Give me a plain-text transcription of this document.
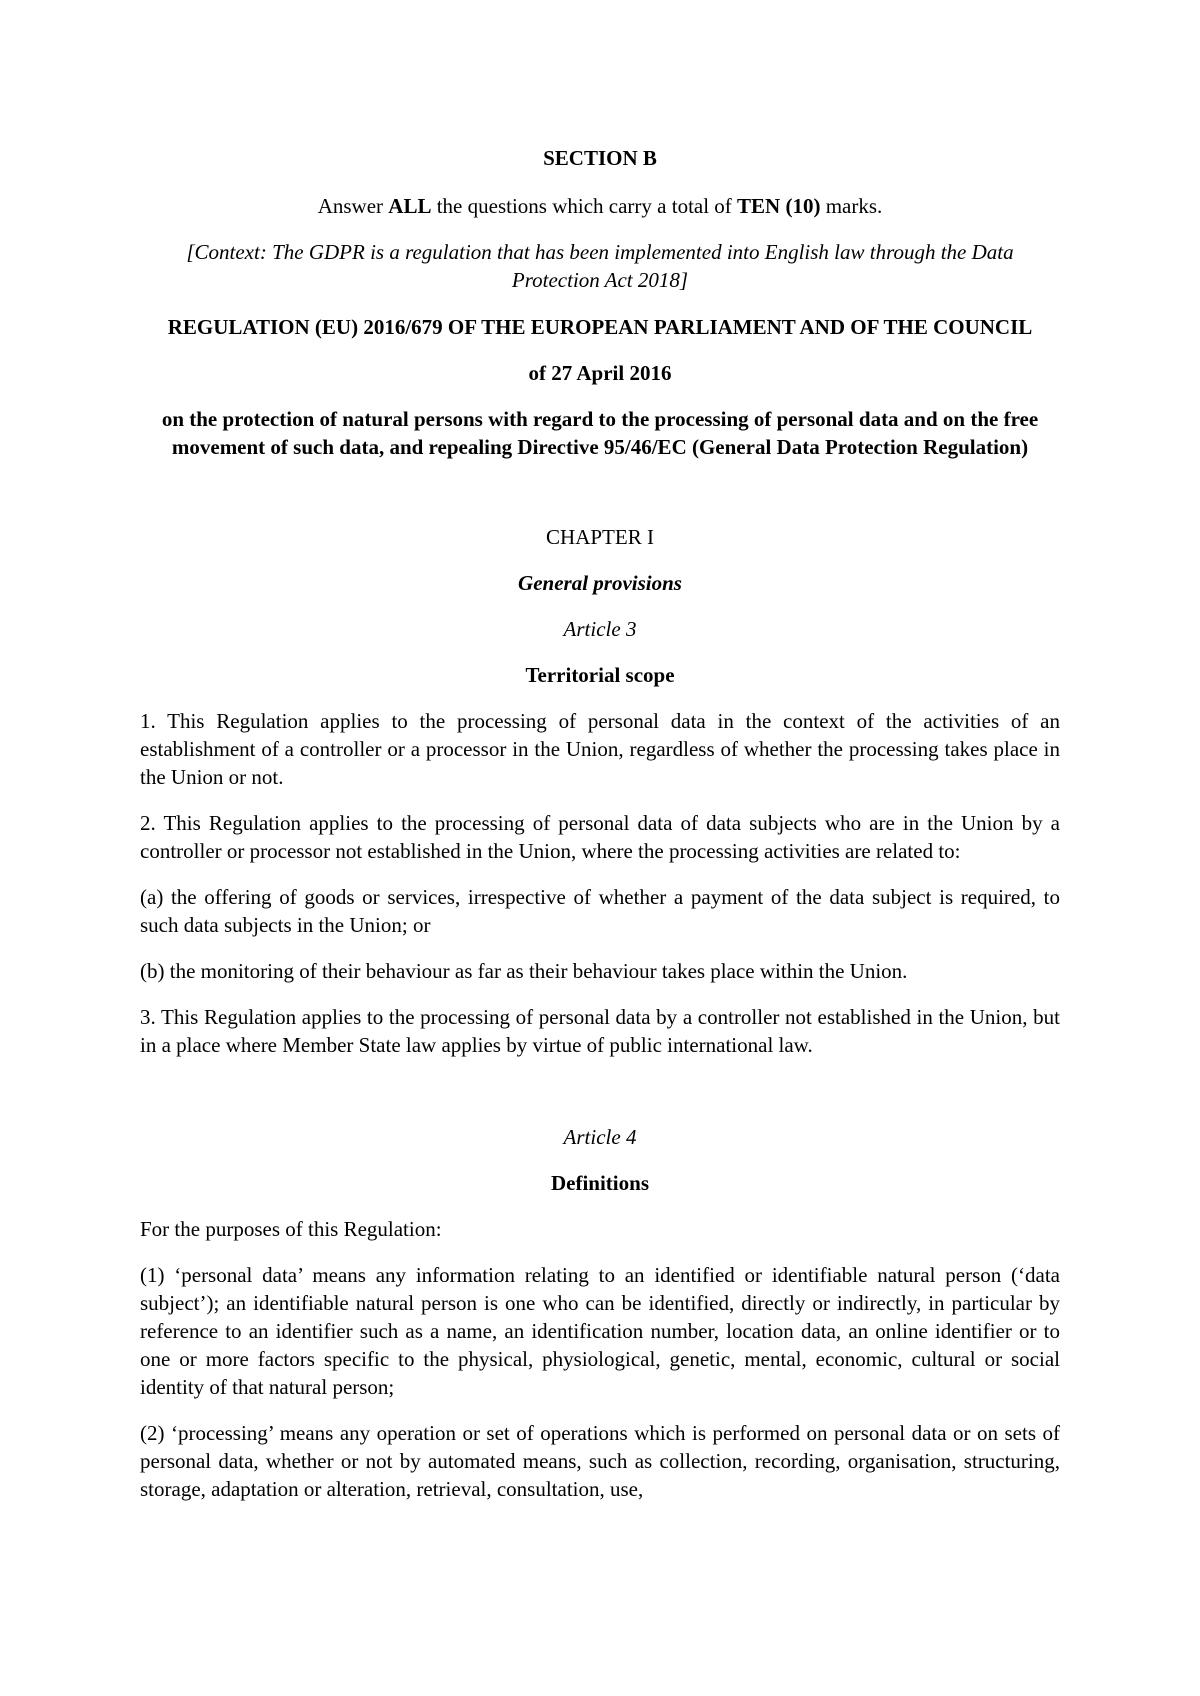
SECTION B

Answer ALL the questions which carry a total of TEN (10) marks.

[Context: The GDPR is a regulation that has been implemented into English law through the Data Protection Act 2018]

REGULATION (EU) 2016/679 OF THE EUROPEAN PARLIAMENT AND OF THE COUNCIL

of 27 April 2016

on the protection of natural persons with regard to the processing of personal data and on the free movement of such data, and repealing Directive 95/46/EC (General Data Protection Regulation)

CHAPTER I

General provisions

Article 3

Territorial scope

1. This Regulation applies to the processing of personal data in the context of the activities of an establishment of a controller or a processor in the Union, regardless of whether the processing takes place in the Union or not.

2. This Regulation applies to the processing of personal data of data subjects who are in the Union by a controller or processor not established in the Union, where the processing activities are related to:

(a) the offering of goods or services, irrespective of whether a payment of the data subject is required, to such data subjects in the Union; or

(b) the monitoring of their behaviour as far as their behaviour takes place within the Union.

3. This Regulation applies to the processing of personal data by a controller not established in the Union, but in a place where Member State law applies by virtue of public international law.

Article 4

Definitions

For the purposes of this Regulation:

(1) ‘personal data’ means any information relating to an identified or identifiable natural person (‘data subject’); an identifiable natural person is one who can be identified, directly or indirectly, in particular by reference to an identifier such as a name, an identification number, location data, an online identifier or to one or more factors specific to the physical, physiological, genetic, mental, economic, cultural or social identity of that natural person;

(2) ‘processing’ means any operation or set of operations which is performed on personal data or on sets of personal data, whether or not by automated means, such as collection, recording, organisation, structuring, storage, adaptation or alteration, retrieval, consultation, use,
